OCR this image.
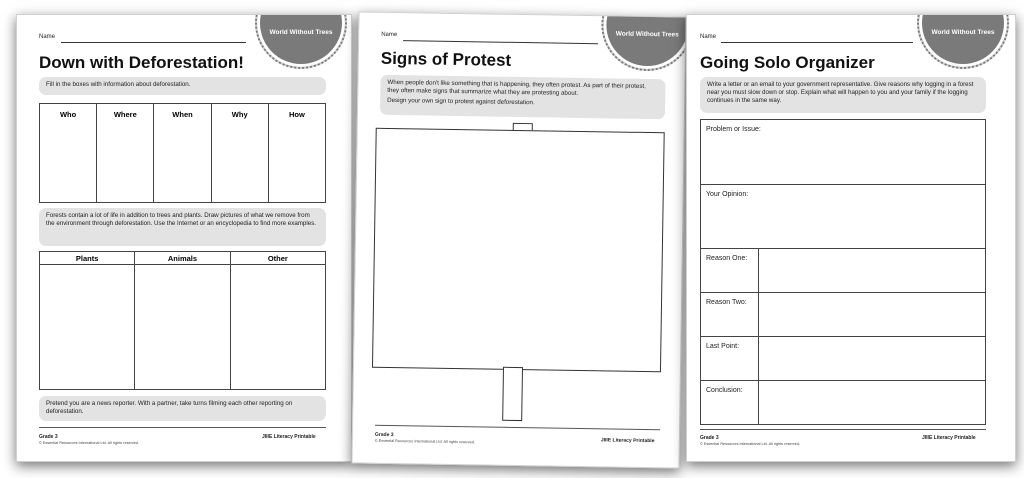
Name
World Without Trees
Down with Deforestation!
Fill in the boxes with information about deforestation.
Who	Where	When	Why	How
Forests contain a lot of life in addition to trees and plants. Draw pictures of what we remove from the environment through deforestation. Use the Internet or an encyclopedia to find more examples.
Plants	Animals	Other
Pretend you are a news reporter. With a partner, take turns filming each other reporting on deforestation.
Grade 3
© Essential Resources International Ltd. All rights reserved.
JIIIE Literacy Printable
Name	World Without Trees
Signs of Protest
When people don't like something that is happening, they often protest. As part of their protest, they often make signs that summarize what they are protesting about.
Design your own sign to protest against deforestation.
Grade 3
© Essential Resources International Ltd. All rights reserved.	JIIIE Literacy Printable
Name
World Without Trees
Going Solo Organizer
Write a letter or an email to your government representative. Give reasons why logging in a forest near you must slow down or stop. Explain what will happen to you and your family if the logging continues in the same way.
Problem or Issue:
Your Opinion:
Reason One:
Reason Two:
Last Point:
Conclusion:
Grade 3
© Essential Resources International Ltd. All rights reserved.
JIIIE Literacy Printable
